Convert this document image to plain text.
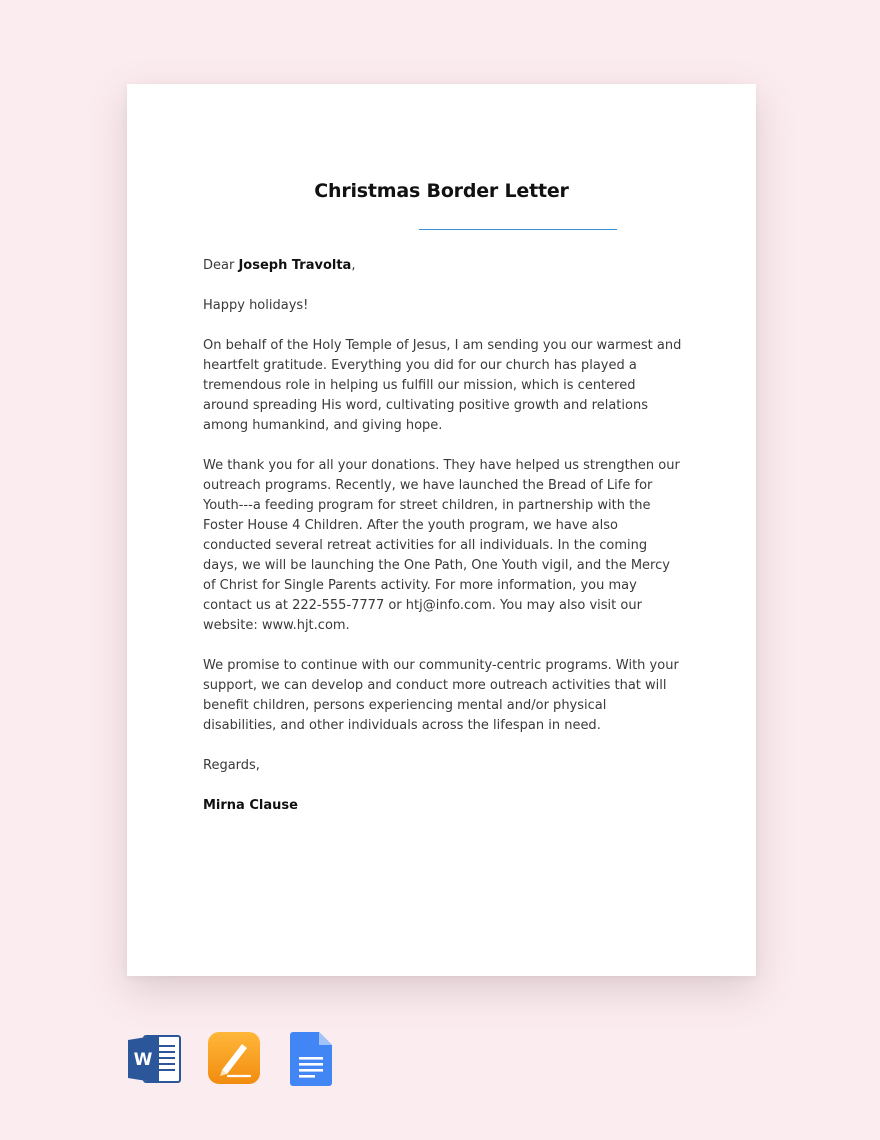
Christmas Border Letter

Dear Joseph Travolta,

Happy holidays!

On behalf of the Holy Temple of Jesus, I am sending you our warmest and heartfelt gratitude. Everything you did for our church has played a tremendous role in helping us fulfill our mission, which is centered around spreading His word, cultivating positive growth and relations among humankind, and giving hope.

We thank you for all your donations. They have helped us strengthen our outreach programs. Recently, we have launched the Bread of Life for Youth---a feeding program for street children, in partnership with the Foster House 4 Children. After the youth program, we have also conducted several retreat activities for all individuals. In the coming days, we will be launching the One Path, One Youth vigil, and the Mercy of Christ for Single Parents activity. For more information, you may contact us at 222-555-7777 or htj@info.com. You may also visit our website: www.hjt.com.

We promise to continue with our community-centric programs. With your support, we can develop and conduct more outreach activities that will benefit children, persons experiencing mental and/or physical disabilities, and other individuals across the lifespan in need.

Regards,

Mirna Clause

W
